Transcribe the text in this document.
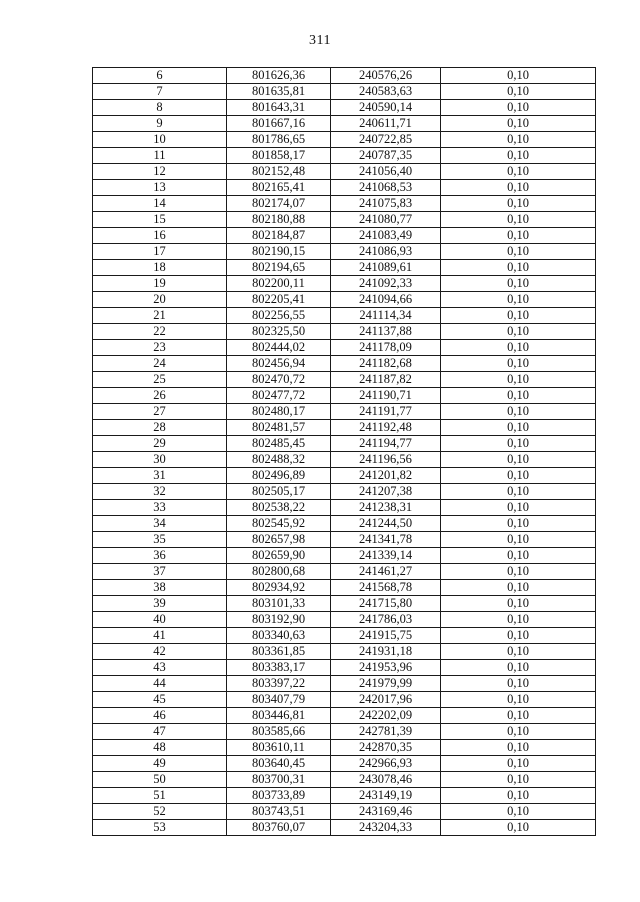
311
6	801626,36	240576,26	0,10
7	801635,81	240583,63	0,10
8	801643,31	240590,14	0,10
9	801667,16	240611,71	0,10
10	801786,65	240722,85	0,10
11	801858,17	240787,35	0,10
12	802152,48	241056,40	0,10
13	802165,41	241068,53	0,10
14	802174,07	241075,83	0,10
15	802180,88	241080,77	0,10
16	802184,87	241083,49	0,10
17	802190,15	241086,93	0,10
18	802194,65	241089,61	0,10
19	802200,11	241092,33	0,10
20	802205,41	241094,66	0,10
21	802256,55	241114,34	0,10
22	802325,50	241137,88	0,10
23	802444,02	241178,09	0,10
24	802456,94	241182,68	0,10
25	802470,72	241187,82	0,10
26	802477,72	241190,71	0,10
27	802480,17	241191,77	0,10
28	802481,57	241192,48	0,10
29	802485,45	241194,77	0,10
30	802488,32	241196,56	0,10
31	802496,89	241201,82	0,10
32	802505,17	241207,38	0,10
33	802538,22	241238,31	0,10
34	802545,92	241244,50	0,10
35	802657,98	241341,78	0,10
36	802659,90	241339,14	0,10
37	802800,68	241461,27	0,10
38	802934,92	241568,78	0,10
39	803101,33	241715,80	0,10
40	803192,90	241786,03	0,10
41	803340,63	241915,75	0,10
42	803361,85	241931,18	0,10
43	803383,17	241953,96	0,10
44	803397,22	241979,99	0,10
45	803407,79	242017,96	0,10
46	803446,81	242202,09	0,10
47	803585,66	242781,39	0,10
48	803610,11	242870,35	0,10
49	803640,45	242966,93	0,10
50	803700,31	243078,46	0,10
51	803733,89	243149,19	0,10
52	803743,51	243169,46	0,10
53	803760,07	243204,33	0,10
